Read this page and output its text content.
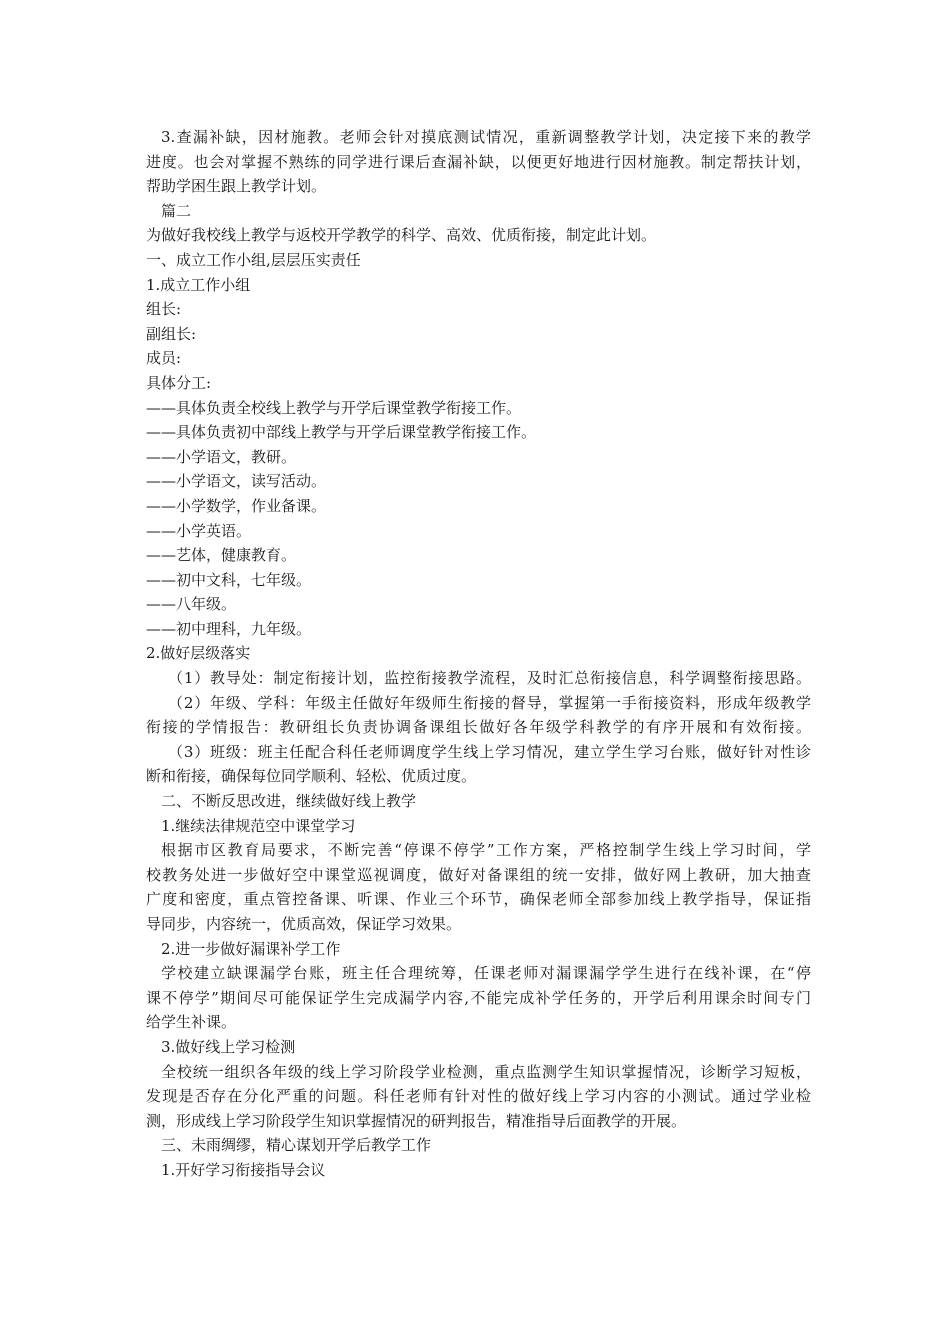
3.查漏补缺，因材施教。老师会针对摸底测试情况，重新调整教学计划，决定接下来的教学
进度。也会对掌握不熟练的同学进行课后查漏补缺，以便更好地进行因材施教。制定帮扶计划，
帮助学困生跟上教学计划。
篇二
为做好我校线上教学与返校开学教学的科学、高效、优质衔接，制定此计划。
一、成立工作小组,层层压实责任
1.成立工作小组
组长:
副组长:
成员:
具体分工:
——具体负责全校线上教学与开学后课堂教学衔接工作。
——具体负责初中部线上教学与开学后课堂教学衔接工作。
——小学语文，教研。
——小学语文，读写活动。
——小学数学，作业备课。
——小学英语。
——艺体，健康教育。
——初中文科，七年级。
——八年级。
——初中理科，九年级。
2.做好层级落实
（1）教导处：制定衔接计划，监控衔接教学流程，及时汇总衔接信息，科学调整衔接思路。
（2）年级、学科：年级主任做好年级师生衔接的督导，掌握第一手衔接资料，形成年级教学
衔接的学情报告：教研组长负责协调备课组长做好各年级学科教学的有序开展和有效衔接。
（3）班级：班主任配合科任老师调度学生线上学习情况，建立学生学习台账，做好针对性诊
断和衔接，确保每位同学顺利、轻松、优质过度。
二、不断反思改进，继续做好线上教学
1.继续法律规范空中课堂学习
根据市区教育局要求，不断完善“停课不停学”工作方案，严格控制学生线上学习时间，学
校教务处进一步做好空中课堂巡视调度，做好对备课组的统一安排，做好网上教研，加大抽查
广度和密度，重点管控备课、听课、作业三个环节，确保老师全部参加线上教学指导，保证指
导同步，内容统一，优质高效，保证学习效果。
2.进一步做好漏课补学工作
学校建立缺课漏学台账，班主任合理统筹，任课老师对漏课漏学学生进行在线补课，在“停
课不停学”期间尽可能保证学生完成漏学内容,不能完成补学任务的，开学后利用课余时间专门
给学生补课。
3.做好线上学习检测
全校统一组织各年级的线上学习阶段学业检测，重点监测学生知识掌握情况，诊断学习短板，
发现是否存在分化严重的问题。科任老师有针对性的做好线上学习内容的小测试。通过学业检
测，形成线上学习阶段学生知识掌握情况的研判报告，精准指导后面教学的开展。
三、未雨绸缪，精心谋划开学后教学工作
1.开好学习衔接指导会议
